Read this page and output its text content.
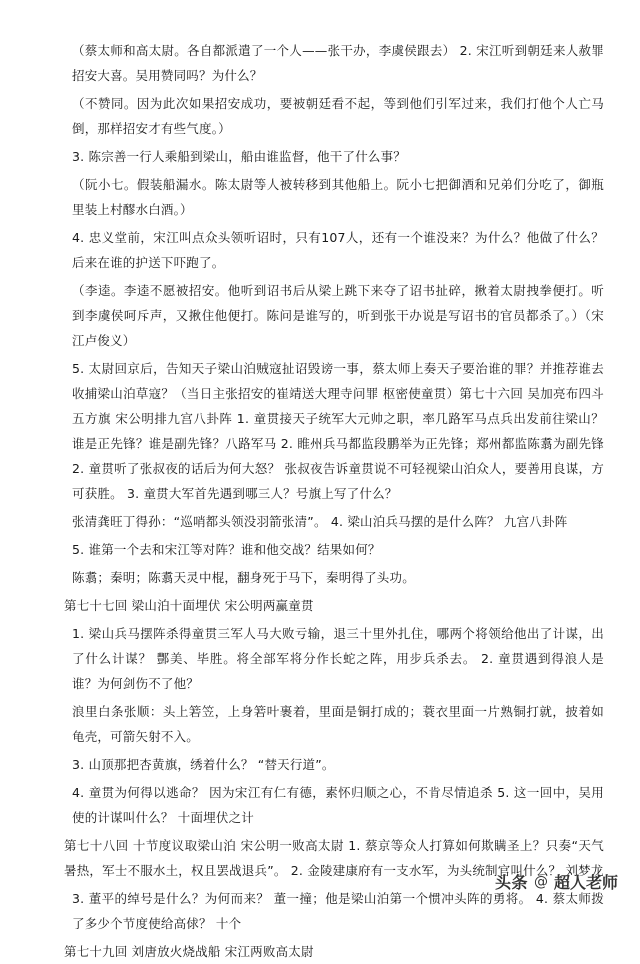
（蔡太师和高太尉。各自都派遣了一个人——张干办，李虞侯跟去） 2. 宋江听到朝廷来人赦罪招安大喜。吴用赞同吗？为什么？

（不赞同。因为此次如果招安成功，要被朝廷看不起，等到他们引军过来，我们打他个人亡马倒，那样招安才有些气度。）

3. 陈宗善一行人乘船到梁山，船由谁监督，他干了什么事？

（阮小七。假装船漏水。陈太尉等人被转移到其他船上。阮小七把御酒和兄弟们分吃了，御瓶里装上村醪水白酒。）

4. 忠义堂前，宋江叫点众头领听诏时，只有107人，还有一个谁没来？为什么？他做了什么？后来在谁的护送下吓跑了。

（李逵。李逵不愿被招安。他听到诏书后从梁上跳下来夺了诏书扯碎，揪着太尉拽拳便打。听到李虞侯呵斥声，又揪住他便打。陈问是谁写的，听到张干办说是写诏书的官员都杀了。）（宋江卢俊义）

5. 太尉回京后，告知天子梁山泊贼寇扯诏毁谤一事，蔡太师上奏天子要治谁的罪？并推荐谁去收捕梁山泊草寇？（当日主张招安的崔靖送大理寺问罪 枢密使童贯）第七十六回 吴加亮布四斗五方旗 宋公明排九宫八卦阵 1. 童贯接天子统军大元帅之职，率几路军马点兵出发前往梁山？谁是正先锋？谁是副先锋？八路军马 2. 睢州兵马都监段鹏举为正先锋；郑州都监陈翥为副先锋 2. 童贯听了张叔夜的话后为何大怒？ 张叔夜告诉童贯说不可轻视梁山泊众人，要善用良谋，方可获胜。 3. 童贯大军首先遇到哪三人？号旗上写了什么？

张清龚旺丁得孙：“巡哨都头领没羽箭张清”。 4. 梁山泊兵马摆的是什么阵？ 九宫八卦阵

5. 谁第一个去和宋江等对阵？谁和他交战？结果如何？

陈翥；秦明；陈翥天灵中棍，翻身死于马下，秦明得了头功。

第七十七回 梁山泊十面埋伏 宋公明两赢童贯

1. 梁山兵马摆阵杀得童贯三军人马大败亏输，退三十里外扎住，哪两个将领给他出了计谋，出了什么计谋？ 酆美、毕胜。将全部军将分作长蛇之阵，用步兵杀去。 2. 童贯遇到得浪人是谁？为何剑伤不了他？

浪里白条张顺：头上箬笠，上身箬叶裹着，里面是铜打成的；蓑衣里面一片熟铜打就，披着如龟壳，可箭矢射不入。

3. 山顶那把杏黄旗，绣着什么？ “替天行道”。

4. 童贯为何得以逃命？ 因为宋江有仁有德，素怀归顺之心，不肯尽情追杀 5. 这一回中，吴用使的计谋叫什么？ 十面埋伏之计

第七十八回 十节度议取梁山泊 宋公明一败高太尉 1. 蔡京等众人打算如何欺瞒圣上？只奏“天气暑热，军士不服水土，权且罢战退兵”。 2. 金陵建康府有一支水军，为头统制官叫什么？ 刘梦龙

3. 董平的绰号是什么？为何而来？ 董一撞；他是梁山泊第一个惯冲头阵的勇将。 4. 蔡太师拨了多少个节度使给高俅？ 十个

第七十九回 刘唐放火烧战船 宋江两败高太尉

头条 @ 超人老师
